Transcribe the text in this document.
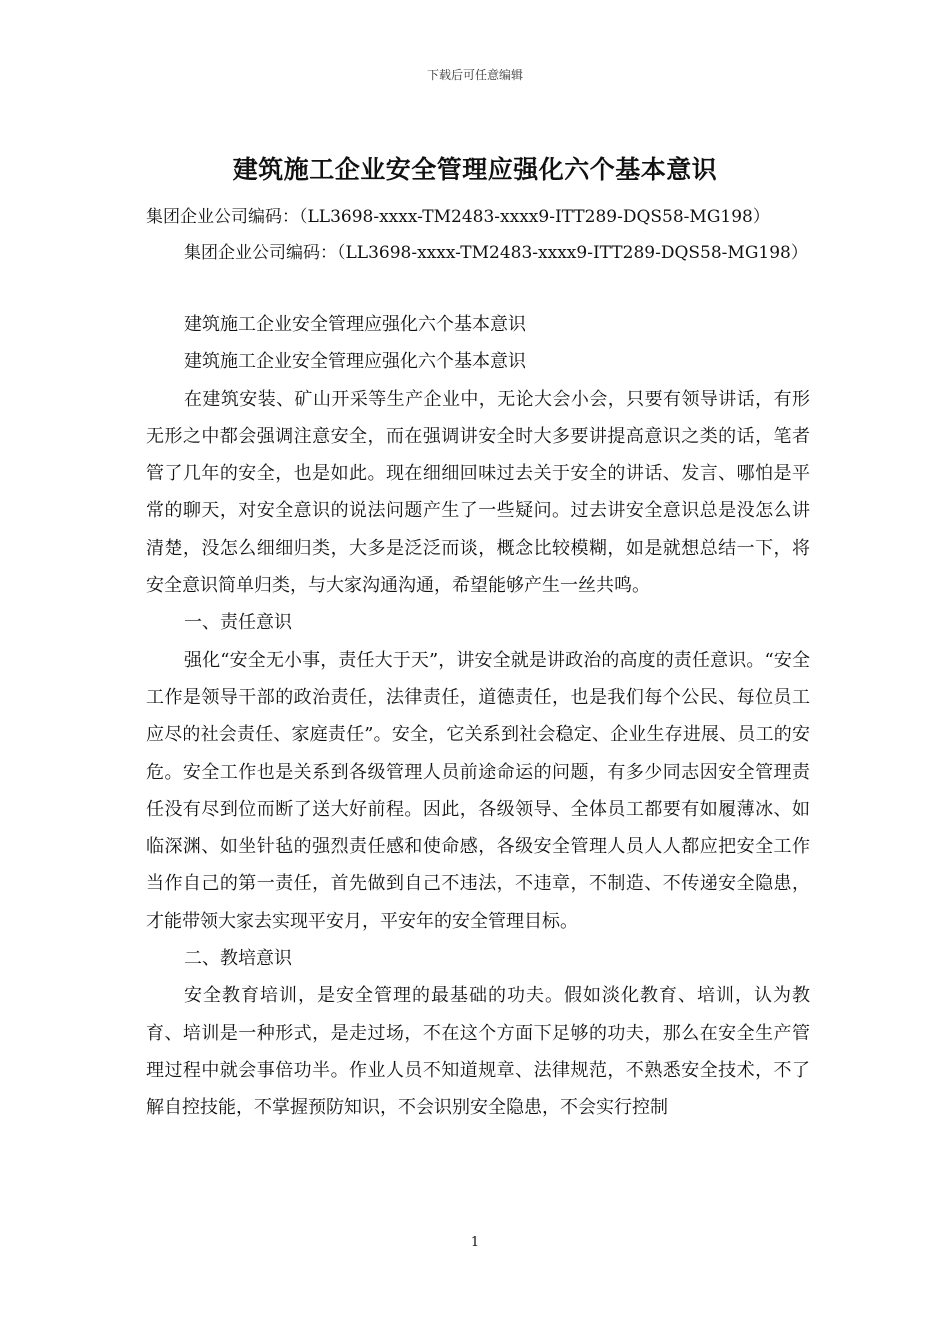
下载后可任意编辑
建筑施工企业安全管理应强化六个基本意识
集团企业公司编码：（LL3698-xxxx-TM2483-xxxx9-ITT289-DQS58-MG198）
集团企业公司编码：（LL3698-xxxx-TM2483-xxxx9-ITT289-DQS58-MG198）

建筑施工企业安全管理应强化六个基本意识

建筑施工企业安全管理应强化六个基本意识

在建筑安装、矿山开采等生产企业中，无论大会小会，只要有领导讲话，有形无形之中都会强调注意安全，而在强调讲安全时大多要讲提高意识之类的话，笔者管了几年的安全，也是如此。现在细细回味过去关于安全的讲话、发言、哪怕是平常的聊天，对安全意识的说法问题产生了一些疑问。过去讲安全意识总是没怎么讲清楚，没怎么细细归类，大多是泛泛而谈，概念比较模糊，如是就想总结一下，将安全意识简单归类，与大家沟通沟通，希望能够产生一丝共鸣。

一、责任意识

强化“安全无小事，责任大于天”，讲安全就是讲政治的高度的责任意识。“安全工作是领导干部的政治责任，法律责任，道德责任，也是我们每个公民、每位员工应尽的社会责任、家庭责任”。安全，它关系到社会稳定、企业生存进展、员工的安危。安全工作也是关系到各级管理人员前途命运的问题，有多少同志因安全管理责任没有尽到位而断了送大好前程。因此，各级领导、全体员工都要有如履薄冰、如临深渊、如坐针毡的强烈责任感和使命感，各级安全管理人员人人都应把安全工作当作自己的第一责任，首先做到自己不违法，不违章，不制造、不传递安全隐患，才能带领大家去实现平安月，平安年的安全管理目标。

二、教培意识

安全教育培训，是安全管理的最基础的功夫。假如淡化教育、培训，认为教育、培训是一种形式，是走过场，不在这个方面下足够的功夫，那么在安全生产管理过程中就会事倍功半。作业人员不知道规章、法律规范，不熟悉安全技术，不了解自控技能，不掌握预防知识，不会识别安全隐患，不会实行控制

1
